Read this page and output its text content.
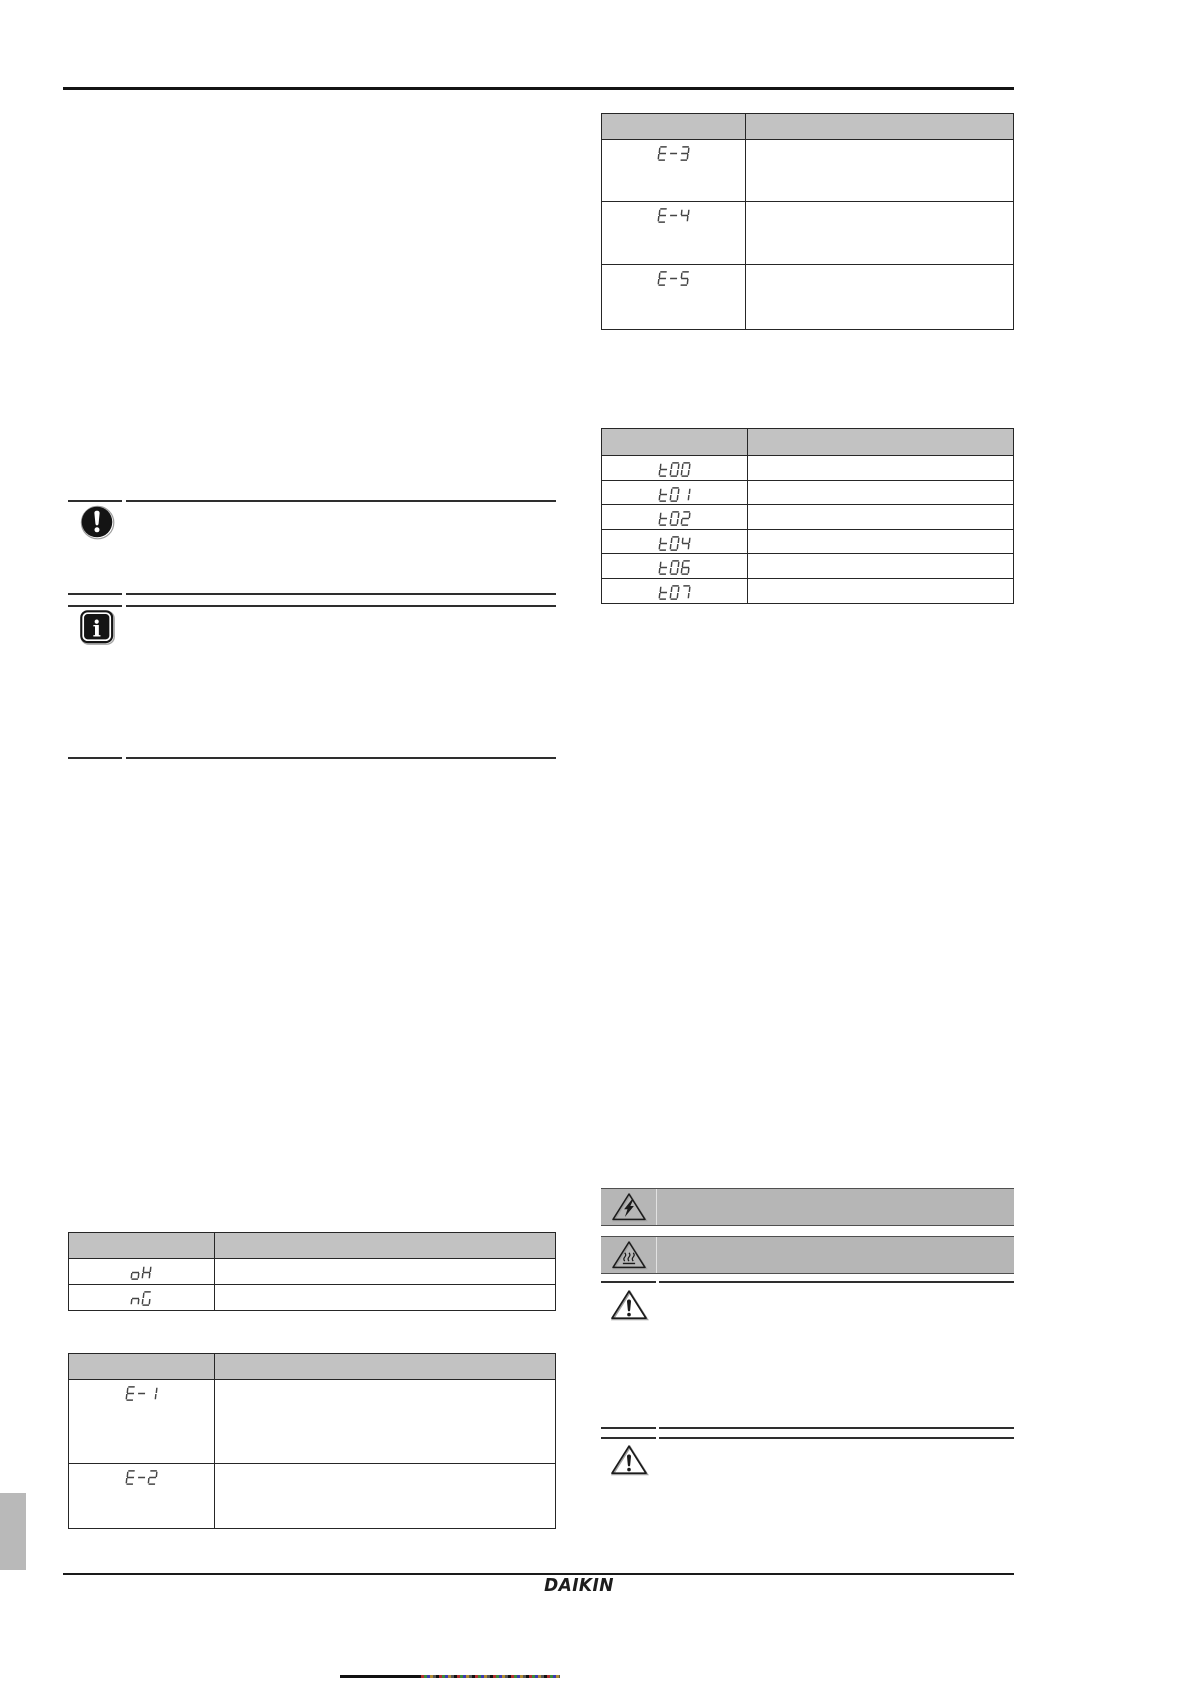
i
DAIKIN
